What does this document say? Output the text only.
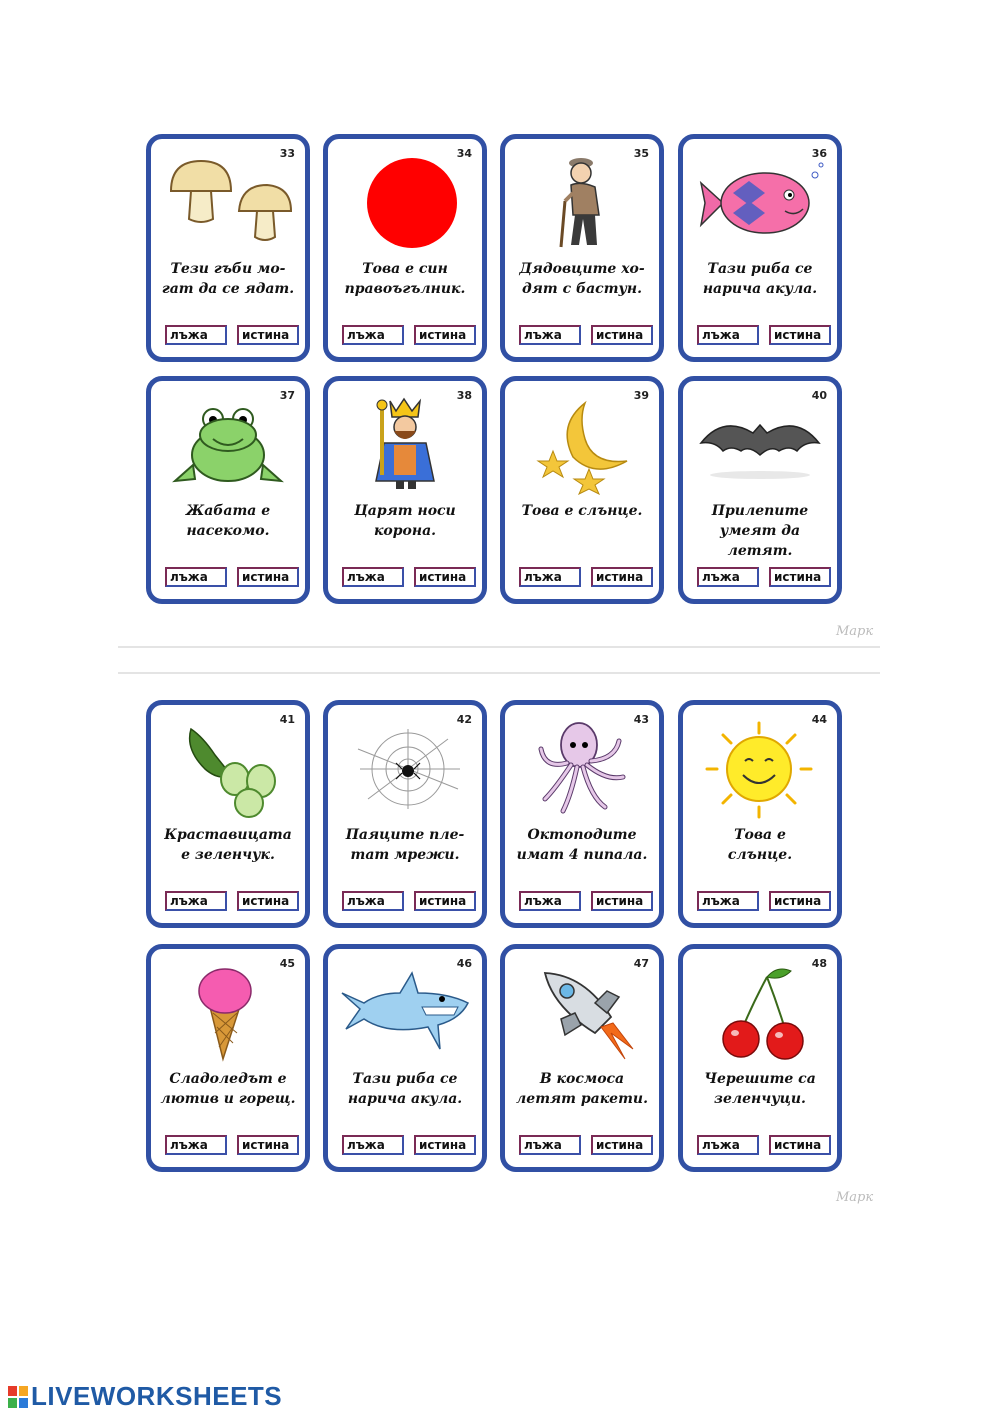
33
Тези гъби мо-
гат да се ядат.
лъжа	истина
34
Това е син
правоъгълник.
лъжа	истина
35
Дядовците хо-
дят с бастун.
лъжа	истина
36
Тази риба се
нарича акула.
лъжа	истина
37
Жабата е
насекомо.
лъжа	истина
38
Царят носи
корона.
лъжа	истина
39
Това е слънце.
лъжа	истина
40
Прилепите
умеят да летят.
лъжа	истина
Марк
41
Краставицата
е зеленчук.
лъжа	истина
42
Паяците пле-
тат мрежи.
лъжа	истина
43
Октоподите
имат 4 пипала.
лъжа	истина
44
Това е
слънце.
лъжа	истина
45
Сладоледът е
лютив и горещ.
лъжа	истина
46
Тази риба се
нарича акула.
лъжа	истина
47
В космоса
летят ракети.
лъжа	истина
48
Черешите са
зеленчуци.
лъжа	истина
Марк
LIVEWORKSHEETS
